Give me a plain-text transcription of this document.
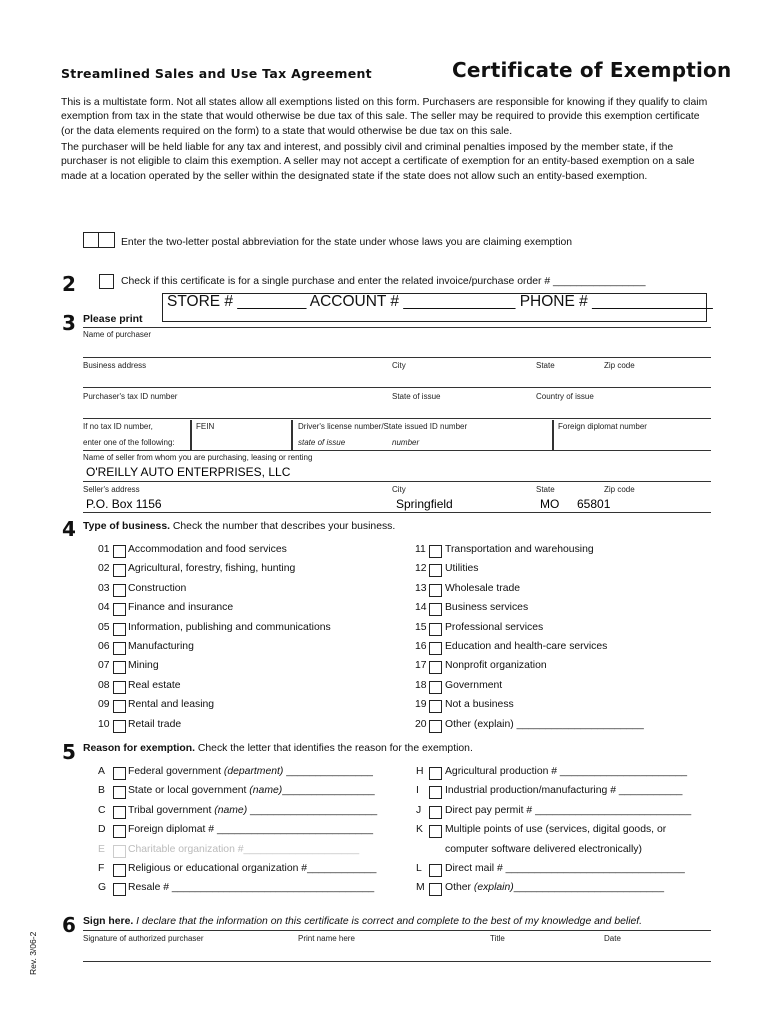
Streamlined Sales and Use Tax Agreement	Certificate of Exemption
This is a multistate form. Not all states allow all exemptions listed on this form. Purchasers are responsible for knowing if they qualify to claim exemption from tax in the state that would otherwise be due tax of this sale. The seller may be required to provide this exemption certificate (or the data elements required on the form) to a state that would otherwise be due tax on this sale.
The purchaser will be held liable for any tax and interest, and possibly civil and criminal penalties imposed by the member state, if the purchaser is not eligible to claim this exemption. A seller may not accept a certificate of exemption for an entity-based exemption on a sale made at a location operated by the seller within the designated state if the state does not allow such an entity-based exemption.
Enter the two-letter postal abbreviation for the state under whose laws you are claiming exemption
2	Check if this certificate is for a single purchase and enter the related invoice/purchase order # ________________
STORE # ________ ACCOUNT # _____________ PHONE # ______________
3 Please print
Name of purchaser
Business address	City	State	Zip code
Purchaser's tax ID number	State of issue	Country of issue
If no tax ID number,
enter one of the following:
FEIN	Driver's license number/State issued ID number
state of issue	number
Foreign diplomat number
Name of seller from whom you are purchasing, leasing or renting
O'REILLY AUTO ENTERPRISES, LLC
Seller's address	City	State	Zip code
P.O. Box 1156	Springfield	MO 65801
4 Type of business. Check the number that describes your business.
01 Accommodation and food services
02 Agricultural, forestry, fishing, hunting
03 Construction
04 Finance and insurance
05 Information, publishing and communications
06 Manufacturing
07 Mining
08 Real estate
09 Rental and leasing
10 Retail trade
11 Transportation and warehousing
12 Utilities
13 Wholesale trade
14 Business services
15 Professional services
16 Education and health-care services
17 Nonprofit organization
18 Government
19 Not a business
20 Other (explain) ______________________
5 Reason for exemption. Check the letter that identifies the reason for the exemption.
A Federal government (department) _______________
B State or local government (name)________________
C Tribal government (name) ______________________
D Foreign diplomat # ___________________________
E Charitable organization #____________________
F Religious or educational organization #____________
G Resale # ___________________________________
H Agricultural production # ______________________
I	Industrial production/manufacturing # ___________
J Direct pay permit # ___________________________
K Multiple points of use (services, digital goods, or
computer software delivered electronically)
L Direct mail # _______________________________
M Other (explain)__________________________
6 Sign here. I declare that the information on this certificate is correct and complete to the best of my knowledge and belief.
Signature of authorized purchaser	Print name here	Title	Date
Rev. 3/06-2
